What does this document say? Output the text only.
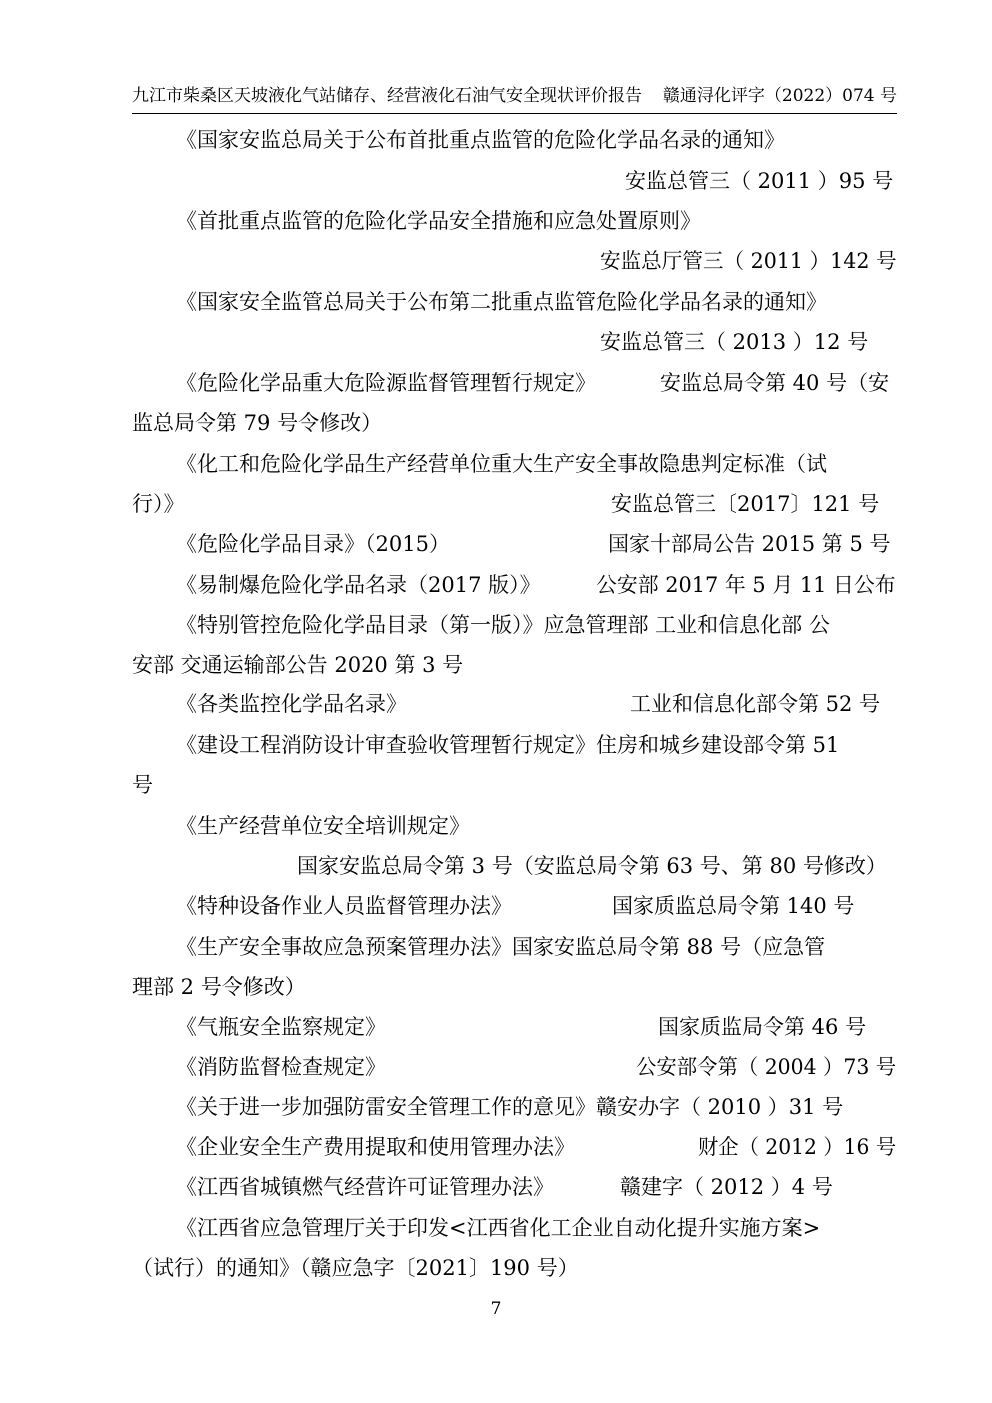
九江市柴桑区天坡液化气站储存、经营液化石油气安全现状评价报告 赣通浔化评字（2022）074 号
《国家安监总局关于公布首批重点监管的危险化学品名录的通知》
安监总管三（ 2011 ）95 号
《首批重点监管的危险化学品安全措施和应急处置原则》
安监总厅管三（ 2011 ）142 号
《国家安全监管总局关于公布第二批重点监管危险化学品名录的通知》
安监总管三（ 2013 ）12 号
《危险化学品重大危险源监督管理暂行规定》	安监总局令第 40 号（安
监总局令第 79 号令修改）
《化工和危险化学品生产经营单位重大生产安全事故隐患判定标准（试
行）》	安监总管三〔2017〕121 号
《危险化学品目录》（2015）	国家十部局公告 2015 第 5 号
《易制爆危险化学品名录（2017 版）》	公安部 2017 年 5 月 11 日公布
《特别管控危险化学品目录（第一版）》应急管理部 工业和信息化部 公
安部 交通运输部公告 2020 第 3 号
《各类监控化学品名录》	工业和信息化部令第 52 号
《建设工程消防设计审查验收管理暂行规定》住房和城乡建设部令第 51
号
《生产经营单位安全培训规定》
国家安监总局令第 3 号（安监总局令第 63 号、第 80 号修改）
《特种设备作业人员监督管理办法》	国家质监总局令第 140 号
《生产安全事故应急预案管理办法》国家安监总局令第 88 号（应急管
理部 2 号令修改）
《气瓶安全监察规定》	国家质监局令第 46 号
《消防监督检查规定》	公安部令第（ 2004 ）73 号
《关于进一步加强防雷安全管理工作的意见》赣安办字（ 2010 ）31 号
《企业安全生产费用提取和使用管理办法》	财企（ 2012 ）16 号
《江西省城镇燃气经营许可证管理办法》	赣建字（ 2012 ）4 号
《江西省应急管理厅关于印发<江西省化工企业自动化提升实施方案>
（试行）的通知》（赣应急字〔2021〕190 号）
7
